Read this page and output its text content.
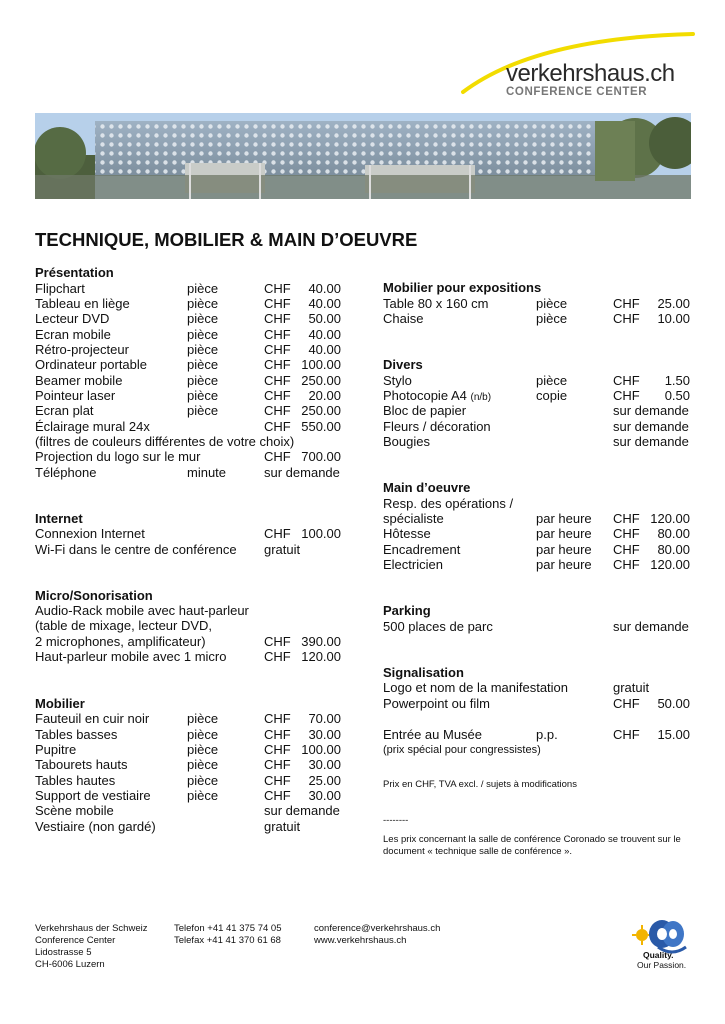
verkehrshaus.ch
CONFERENCE CENTER
TECHNIQUE, MOBILIER & MAIN D’OEUVRE
Présentation
Flipchart	pièce	CHF	40.00
Tableau en liège	pièce	CHF	40.00
Lecteur DVD	pièce	CHF	50.00
Ecran mobile	pièce	CHF	40.00
Rétro-projecteur	pièce	CHF	40.00
Ordinateur portable	pièce	CHF 100.00
Beamer mobile	pièce	CHF 250.00
Pointeur laser	pièce	CHF	20.00
Ecran plat	pièce	CHF 250.00
Éclairage mural 24x	CHF 550.00
(filtres de couleurs différentes de votre choix)
Projection du logo sur le mur	CHF 700.00
Téléphone	minute	sur demande
Internet
Connexion Internet	CHF 100.00
Wi-Fi dans le centre de conférence gratuit
Micro/Sonorisation
Audio-Rack mobile avec haut-parleur
(table de mixage, lecteur DVD,
2 microphones, amplificateur)	CHF 390.00
Haut-parleur mobile avec 1 micro	CHF 120.00
Mobilier
Fauteuil en cuir noir	pièce	CHF	70.00
Tables basses	pièce	CHF	30.00
Pupitre	pièce	CHF 100.00
Tabourets hauts	pièce	CHF	30.00
Tables hautes	pièce	CHF	25.00
Support de vestiaire	pièce	CHF	30.00
Scène mobile	sur demande
Vestiaire (non gardé)	gratuit
Mobilier pour expositions
Table 80 x 160 cm	pièce	CHF	25.00
Chaise	pièce	CHF	10.00
Divers
Stylo	pièce	CHF	1.50
Photocopie A4 (n/b)	copie	CHF	0.50
Bloc de papier	sur demande
Fleurs / décoration	sur demande
Bougies	sur demande
Main d’oeuvre
Resp. des opérations /
spécialiste	par heure CHF 120.00
Hôtesse	par heure CHF	80.00
Encadrement	par heure CHF	80.00
Electricien	par heure CHF 120.00
Parking
500 places de parc	sur demande
Signalisation
Logo et nom de la manifestation	gratuit
Powerpoint ou film	CHF	50.00
Entrée au Musée	p.p.	CHF	15.00
(prix spécial pour congressistes)
Prix en CHF, TVA excl. / sujets à modifications
--------
Les prix concernant la salle de conférence Coronado se trouvent sur le
document « technique salle de conférence ».
Verkehrshaus der Schweiz
Conference Center
Lidostrasse 5
CH-6006 Luzern
Telefon +41 41 375 74 05
Telefax +41 41 370 61 68
conference@verkehrshaus.ch
www.verkehrshaus.ch
Quality.
Our Passion.
